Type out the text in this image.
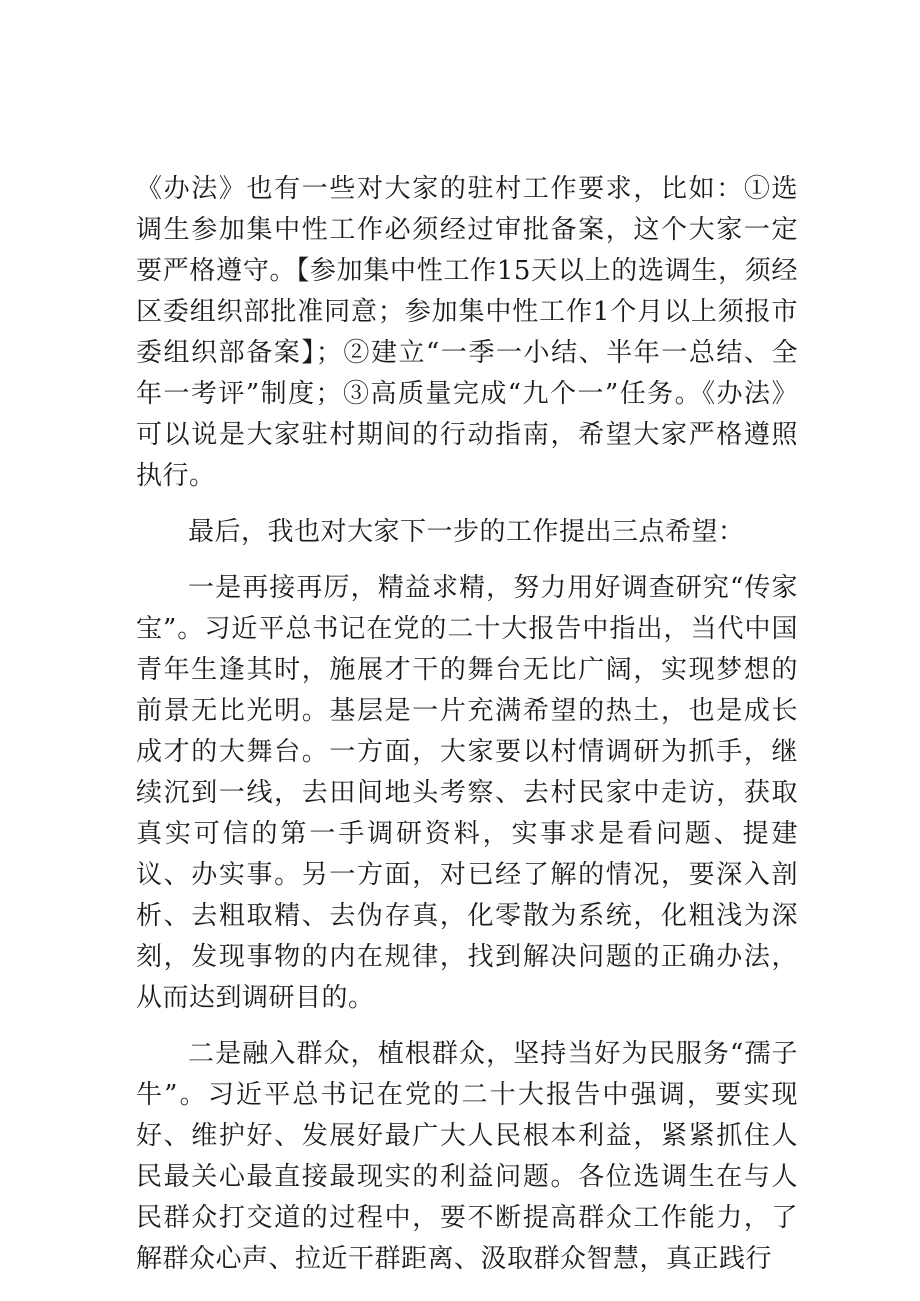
《办法》也有一些对大家的驻村工作要求，比如：①选调生参加集中性工作必须经过审批备案，这个大家一定要严格遵守。【参加集中性工作15天以上的选调生，须经区委组织部批准同意；参加集中性工作1个月以上须报市委组织部备案】；②建立“一季一小结、半年一总结、全年一考评”制度；③高质量完成“九个一”任务。《办法》可以说是大家驻村期间的行动指南，希望大家严格遵照执行。

最后，我也对大家下一步的工作提出三点希望：

一是再接再厉，精益求精，努力用好调查研究“传家宝”。习近平总书记在党的二十大报告中指出，当代中国青年生逢其时，施展才干的舞台无比广阔，实现梦想的前景无比光明。基层是一片充满希望的热土，也是成长成才的大舞台。一方面，大家要以村情调研为抓手，继续沉到一线，去田间地头考察、去村民家中走访，获取真实可信的第一手调研资料，实事求是看问题、提建议、办实事。另一方面，对已经了解的情况，要深入剖析、去粗取精、去伪存真，化零散为系统，化粗浅为深刻，发现事物的内在规律，找到解决问题的正确办法，从而达到调研目的。

二是融入群众，植根群众，坚持当好为民服务“孺子牛”。习近平总书记在党的二十大报告中强调，要实现好、维护好、发展好最广大人民根本利益，紧紧抓住人民最关心最直接最现实的利益问题。各位选调生在与人民群众打交道的过程中，要不断提高群众工作能力，了解群众心声、拉近干群距离、汲取群众智慧，真正践行
